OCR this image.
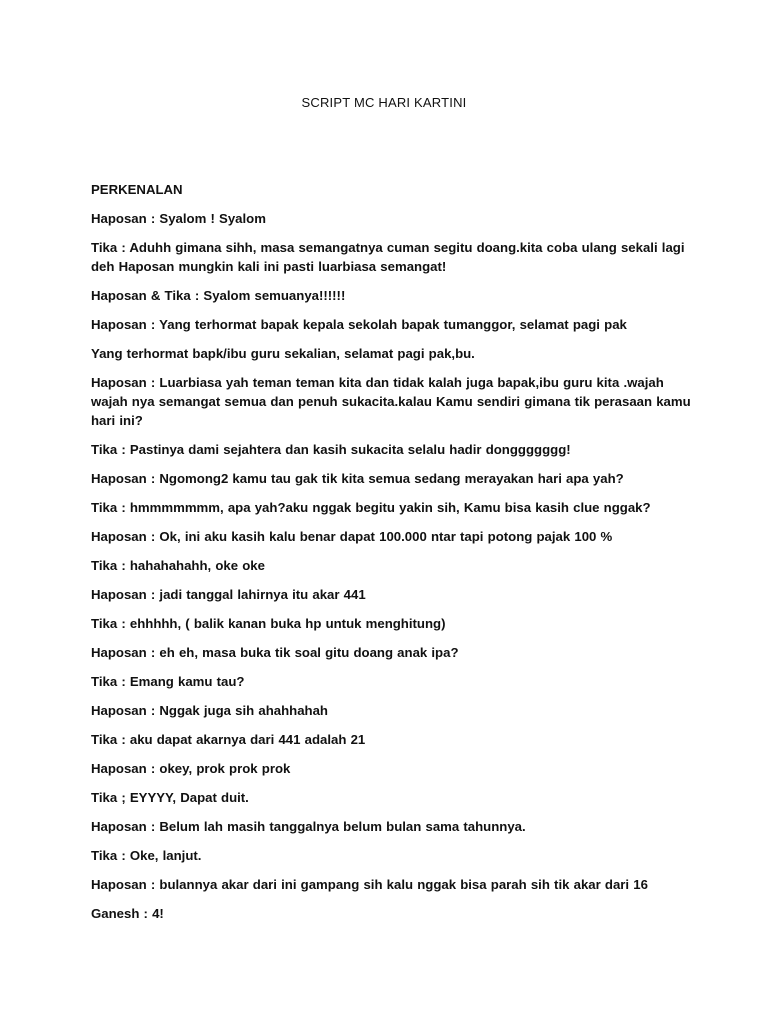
SCRIPT MC HARI KARTINI
PERKENALAN
Haposan : Syalom ! Syalom
Tika : Aduhh gimana sihh, masa semangatnya cuman segitu doang.kita coba ulang sekali lagi deh Haposan mungkin kali ini pasti luarbiasa semangat!
Haposan & Tika : Syalom semuanya!!!!!!
Haposan : Yang terhormat bapak kepala sekolah bapak tumanggor, selamat pagi pak
Yang terhormat bapk/ibu guru sekalian, selamat pagi pak,bu.
Haposan : Luarbiasa yah teman teman kita dan tidak kalah juga bapak,ibu guru kita .wajah wajah nya semangat semua dan penuh sukacita.kalau Kamu sendiri gimana tik perasaan kamu hari ini?
Tika : Pastinya dami sejahtera dan kasih sukacita selalu hadir donggggggg!
Haposan : Ngomong2 kamu tau gak tik kita semua sedang merayakan hari apa yah?
Tika : hmmmmmmm, apa yah?aku nggak begitu yakin sih, Kamu bisa kasih clue nggak?
Haposan : Ok, ini aku kasih kalu benar dapat 100.000 ntar tapi potong pajak 100 %
Tika : hahahahahh, oke oke
Haposan : jadi tanggal lahirnya itu akar 441
Tika : ehhhhh, ( balik kanan buka hp untuk menghitung)
Haposan : eh eh, masa buka tik soal gitu doang anak ipa?
Tika : Emang kamu tau?
Haposan : Nggak juga sih ahahhahah
Tika : aku dapat akarnya dari 441 adalah 21
Haposan : okey, prok prok prok
Tika ; EYYYY, Dapat duit.
Haposan : Belum lah masih tanggalnya belum bulan sama tahunnya.
Tika : Oke, lanjut.
Haposan : bulannya akar dari ini gampang sih kalu nggak bisa parah sih tik akar dari 16
Ganesh : 4!
